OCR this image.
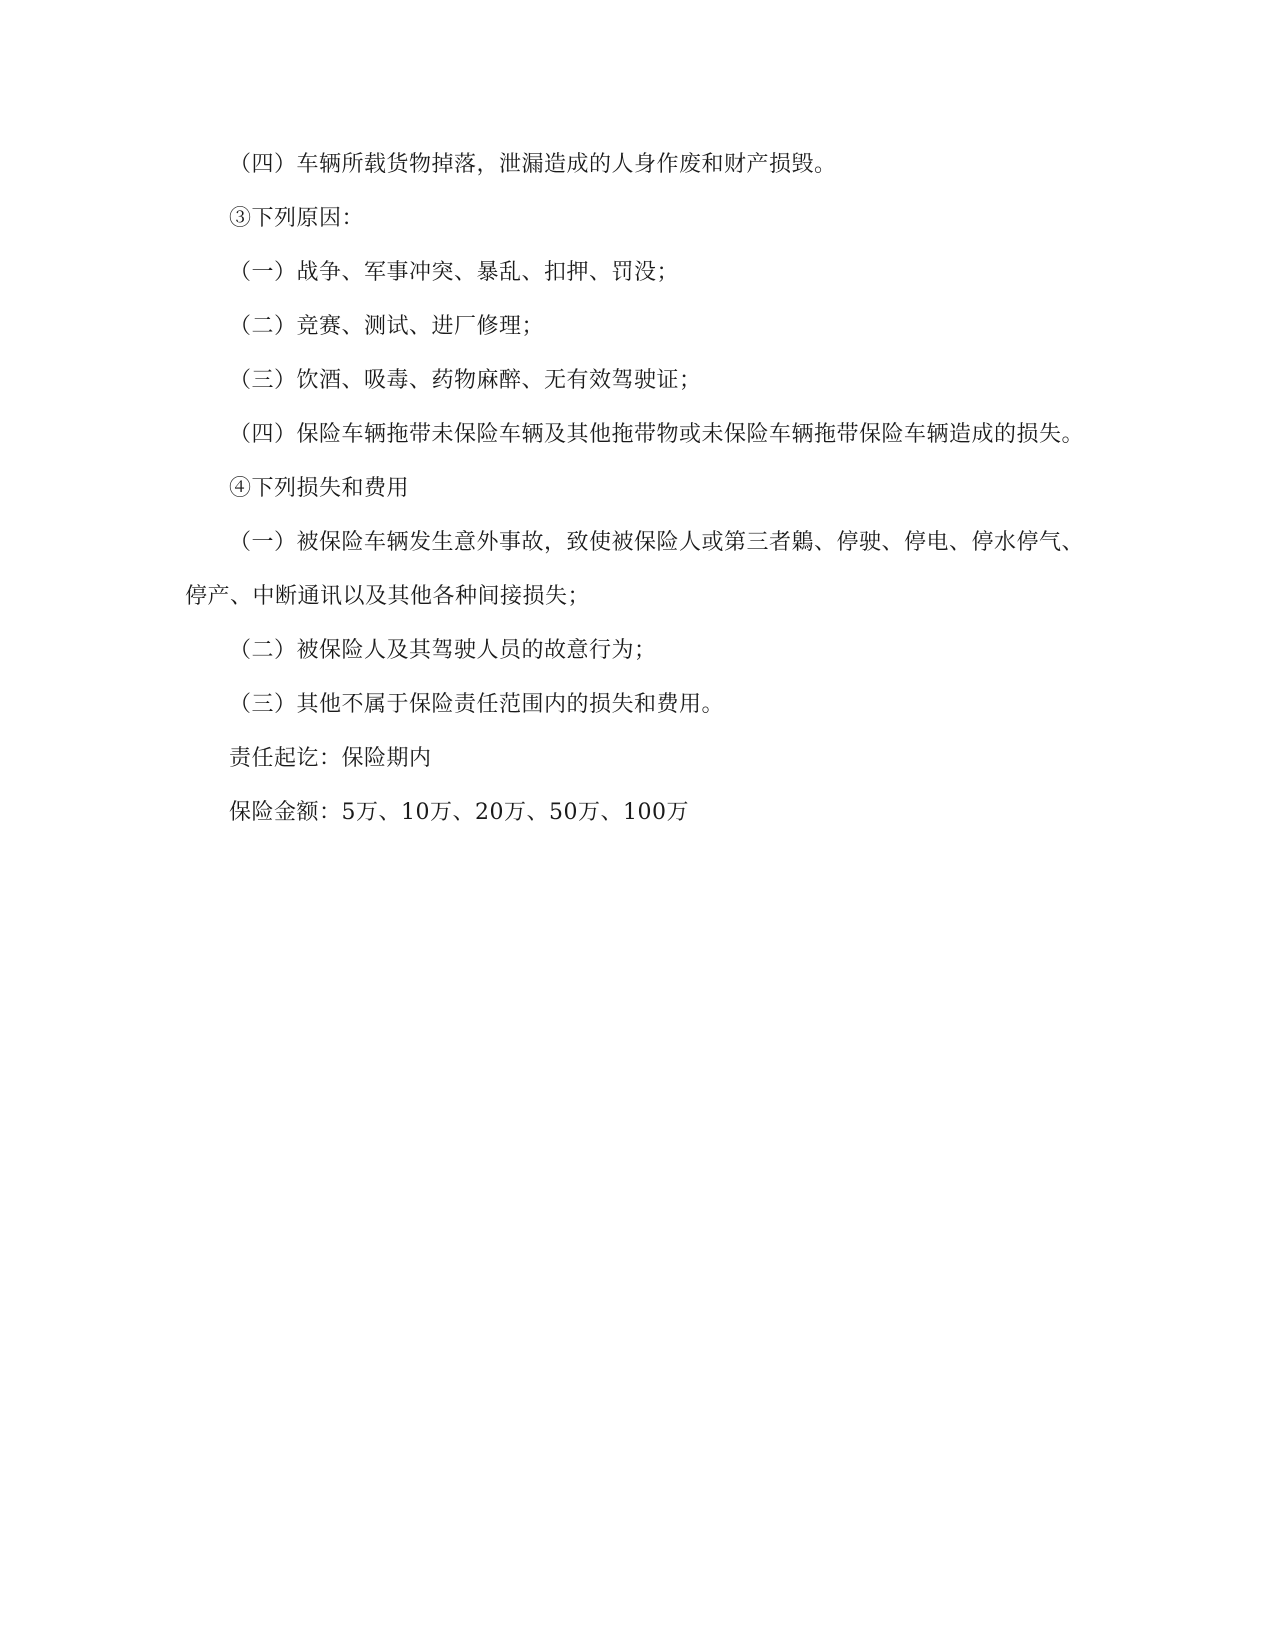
（四）车辆所载货物掉落，泄漏造成的人身作废和财产损毁。

③下列原因：

（一）战争、军事冲突、暴乱、扣押、罚没；

（二）竞赛、测试、进厂修理；

（三）饮酒、吸毒、药物麻醉、无有效驾驶证；

（四）保险车辆拖带未保险车辆及其他拖带物或未保险车辆拖带保险车辆造成的损失。

④下列损失和费用

（一）被保险车辆发生意外事故，致使被保险人或第三者鷍、停驶、停电、停水停气、停产、中断通讯以及其他各种间接损失；

（二）被保险人及其驾驶人员的故意行为；

（三）其他不属于保险责任范围内的损失和费用。

责任起讫：保险期内

保险金额：5万、10万、20万、50万、100万
